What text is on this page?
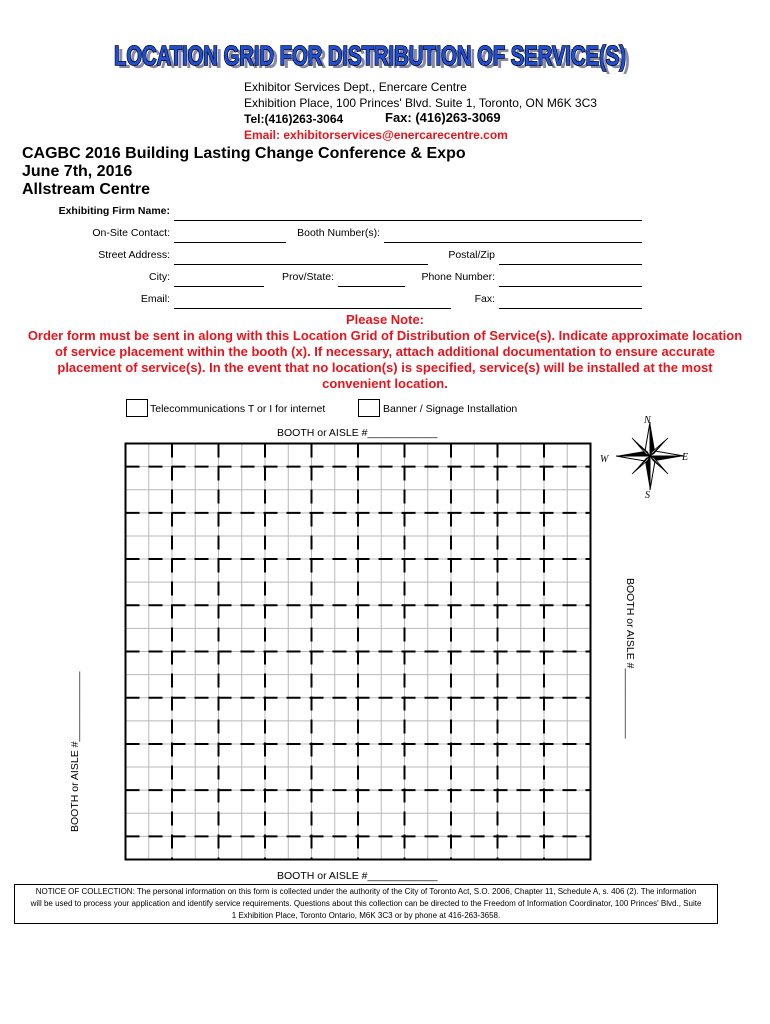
LOCATION GRID FOR DISTRIBUTION OF SERVICE(S)
LOCATION GRID FOR DISTRIBUTION OF SERVICE(S)
Exhibitor Services Dept., Enercare Centre
Exhibition Place, 100 Princes' Blvd. Suite 1, Toronto, ON M6K 3C3
Tel:(416)263-3064	Fax: (416)263-3069
Email: exhibitorservices@enercarecentre.com
CAGBC 2016 Building Lasting Change Conference & Expo
June 7th, 2016
Allstream Centre
Exhibiting Firm Name:
On-Site Contact:	Booth Number(s):
Street Address:	Postal/Zip
City:	Prov/State:	Phone Number:
Email:	Fax:
Please Note:
Order form must be sent in along with this Location Grid of Distribution of Service(s). Indicate approximate location
of service placement within the booth (x). If necessary, attach additional documentation to ensure accurate
placement of service(s). In the event that no location(s) is specified, service(s) will be installed at the most
convenient location.
Telecommunications T or I for internet	Banner / Signage Installation
BOOTH or AISLE #____________
BOOTH or AISLE #____________
BOOTH or AISLE #____________
BOOTH or AISLE #____________
N
S
E
W
NOTICE OF COLLECTION: The personal information on this form is collected under the authority of the City of Toronto Act, S.O. 2006, Chapter 11, Schedule A, s. 406 (2). The information
will be used to process your application and identify service requirements. Questions about this collection can be directed to the Freedom of Information Coordinator, 100 Princes' Blvd., Suite
1 Exhibition Place, Toronto Ontario, M6K 3C3 or by phone at 416-263-3658.
